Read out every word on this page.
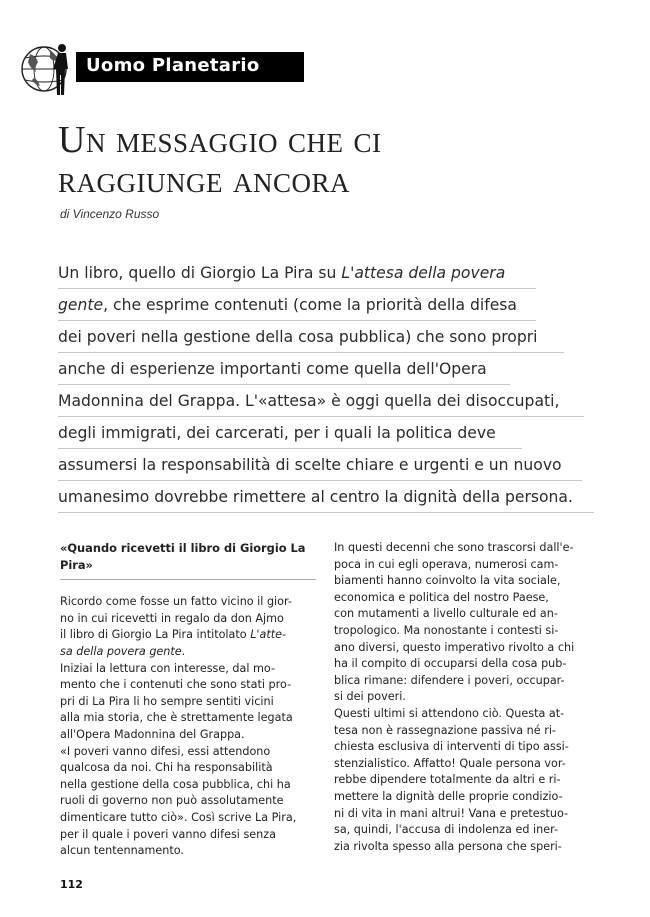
Uomo Planetario
Un messaggio che ci
raggiunge ancora
di Vincenzo Russo
Un libro, quello di Giorgio La Pira su L'attesa della povera
gente, che esprime contenuti (come la priorità della difesa
dei poveri nella gestione della cosa pubblica) che sono propri
anche di esperienze importanti come quella dell'Opera
Madonnina del Grappa. L'«attesa» è oggi quella dei disoccupati,
degli immigrati, dei carcerati, per i quali la politica deve
assumersi la responsabilità di scelte chiare e urgenti e un nuovo
umanesimo dovrebbe rimettere al centro la dignità della persona.
«Quando ricevetti il libro di Giorgio La
Pira»
Ricordo come fosse un fatto vicino il gior-
no in cui ricevetti in regalo da don Ajmo
il libro di Giorgio La Pira intitolato L'atte-
sa della povera gente.
Iniziai la lettura con interesse, dal mo-
mento che i contenuti che sono stati pro-
pri di La Pira li ho sempre sentiti vicini
alla mia storia, che è strettamente legata
all'Opera Madonnina del Grappa.
«I poveri vanno difesi, essi attendono
qualcosa da noi. Chi ha responsabilità
nella gestione della cosa pubblica, chi ha
ruoli di governo non può assolutamente
dimenticare tutto ciò». Così scrive La Pira,
per il quale i poveri vanno difesi senza
alcun tentennamento.
In questi decenni che sono trascorsi dall'e-
poca in cui egli operava, numerosi cam-
biamenti hanno coinvolto la vita sociale,
economica e politica del nostro Paese,
con mutamenti a livello culturale ed an-
tropologico. Ma nonostante i contesti si-
ano diversi, questo imperativo rivolto a chi
ha il compito di occuparsi della cosa pub-
blica rimane: difendere i poveri, occupar-
si dei poveri.
Questi ultimi si attendono ciò. Questa at-
tesa non è rassegnazione passiva né ri-
chiesta esclusiva di interventi di tipo assi-
stenzialistico. Affatto! Quale persona vor-
rebbe dipendere totalmente da altri e ri-
mettere la dignità delle proprie condizio-
ni di vita in mani altrui! Vana e pretestuo-
sa, quindi, l'accusa di indolenza ed iner-
zia rivolta spesso alla persona che speri-
112
